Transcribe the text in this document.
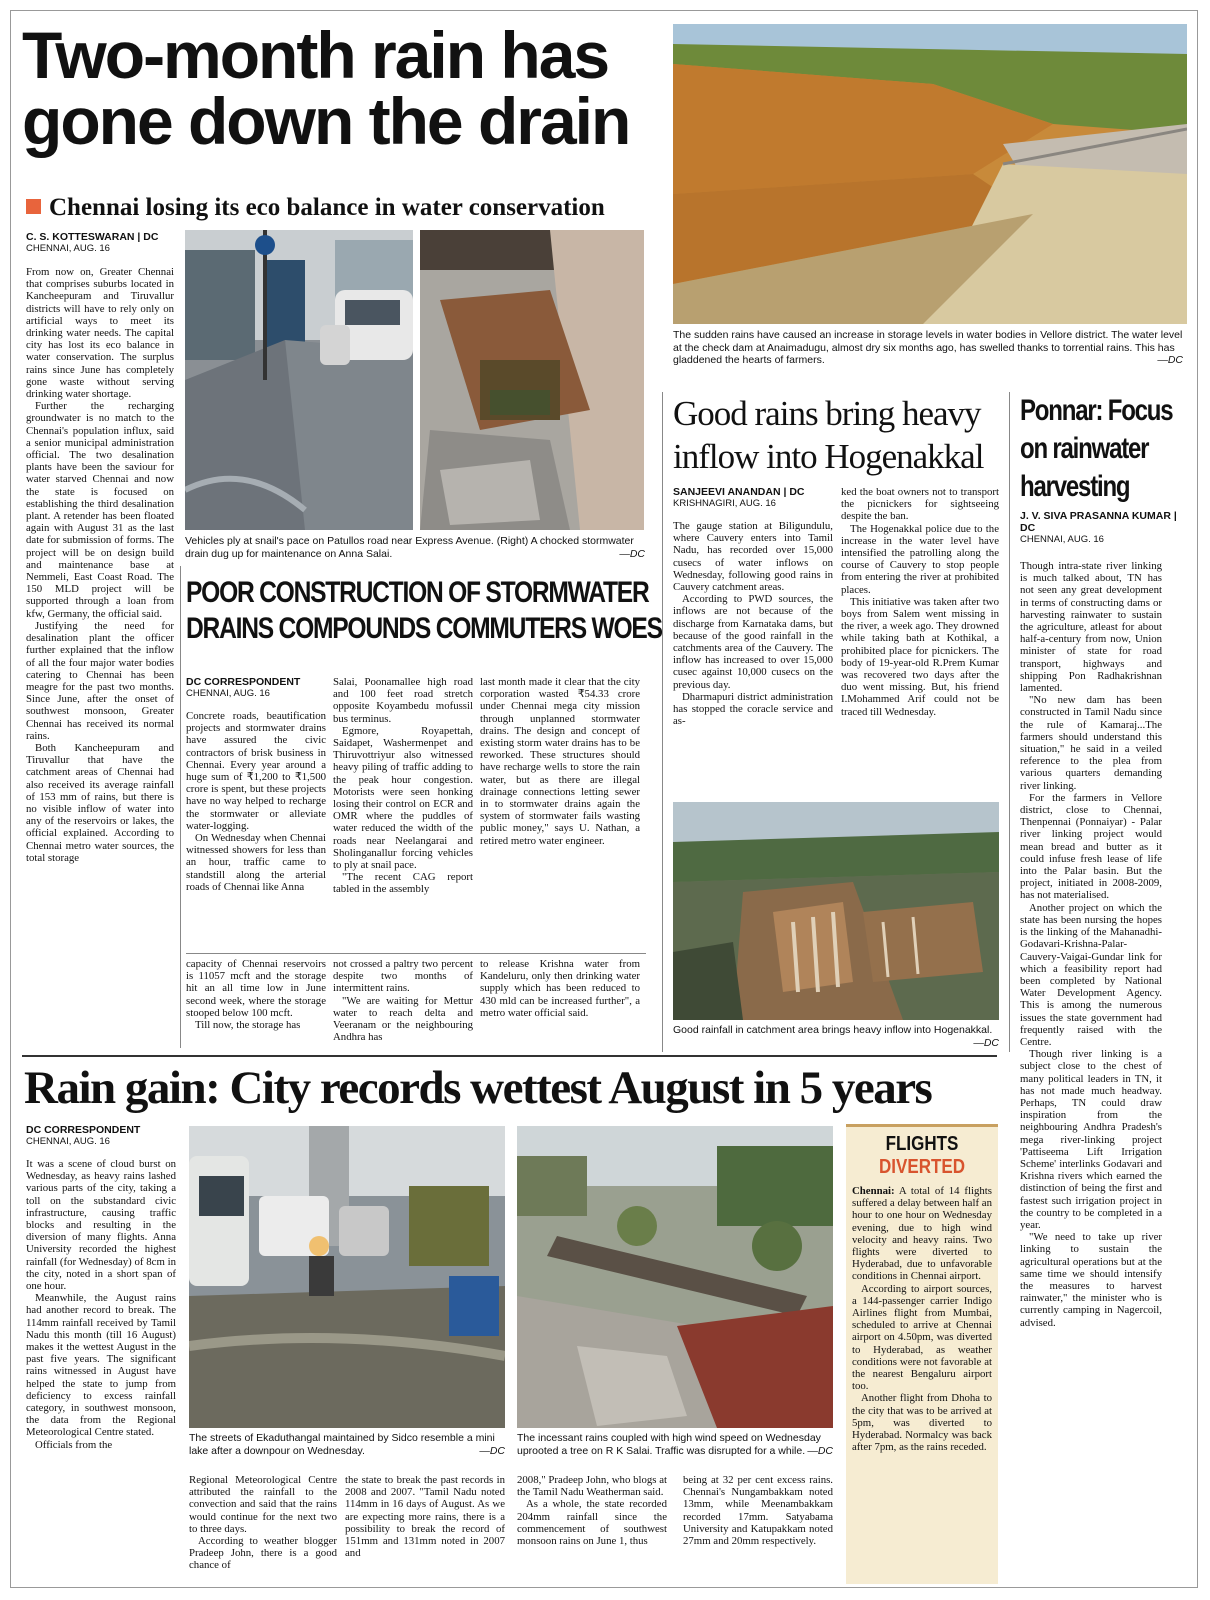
Two-month rain has gone down the drain
Chennai losing its eco balance in water conservation
C. S. KOTTESWARAN | DC
CHENNAI, AUG. 16

From now on, Greater Chennai that comprises suburbs located in Kancheepuram and Tiruvallur districts will have to rely only on artificial ways to meet its drinking water needs. The capital city has lost its eco balance in water conservation. The surplus rains since June has completely gone waste without serving drinking water shortage.

Further the recharging groundwater is no match to the Chennai's population influx, said a senior municipal administration official. The two desalination plants have been the saviour for water starved Chennai and now the state is focused on establishing the third desalination plant. A retender has been floated again with August 31 as the last date for submission of forms. The project will be on design build and maintenance base at Nemmeli, East Coast Road. The 150 MLD project will be supported through a loan from kfw, Germany, the official said.

Justifying the need for desalination plant the officer further explained that the inflow of all the four major water bodies catering to Chennai has been meagre for the past two months. Since June, after the onset of southwest monsoon, Greater Chennai has received its normal rains.

Both Kancheepuram and Tiruvallur that have the catchment areas of Chennai had also received its average rainfall of 153 mm of rains, but there is no visible inflow of water into any of the reservoirs or lakes, the official explained. According to Chennai metro water sources, the total storage

Vehicles ply at snail's pace on Patullos road near Express Avenue. (Right) A chocked stormwater drain dug up for maintenance on Anna Salai.	—DC
POOR CONSTRUCTION OF STORMWATER
DRAINS COMPOUNDS COMMUTERS WOES
DC CORRESPONDENT
CHENNAI, AUG. 16

Concrete roads, beautification projects and stormwater drains have assured the civic contractors of brisk business in Chennai. Every year around a huge sum of ₹1,200 to ₹1,500 crore is spent, but these projects have no way helped to recharge the stormwater or alleviate water-logging.

On Wednesday when Chennai witnessed showers for less than an hour, traffic came to standstill along the arterial roads of Chennai like Anna

Salai, Poonamallee high road and 100 feet road stretch opposite Koyambedu mofussil bus terminus.

Egmore, Royapettah, Saidapet, Washermenpet and Thiruvottriyur also witnessed heavy piling of traffic adding to the peak hour congestion. Motorists were seen honking losing their control on ECR and OMR where the puddles of water reduced the width of the roads near Neelangarai and Sholinganallur forcing vehicles to ply at snail pace.

"The recent CAG report tabled in the assembly

last month made it clear that the city corporation wasted ₹54.33 crore under Chennai mega city mission through unplanned stormwater drains. The design and concept of existing storm water drains has to be reworked. These structures should have recharge wells to store the rain water, but as there are illegal drainage connections letting sewer in to stormwater drains again the system of stormwater fails wasting public money," says U. Nathan, a retired metro water engineer.

capacity of Chennai reservoirs is 11057 mcft and the storage hit an all time low in June second week, where the storage stooped below 100 mcft.

Till now, the storage has

not crossed a paltry two percent despite two months of intermittent rains.

"We are waiting for Mettur water to reach delta and Veeranam or the neighbouring Andhra has

to release Krishna water from Kandeluru, only then drinking water supply which has been reduced to 430 mld can be increased further", a metro water official said.

The sudden rains have caused an increase in storage levels in water bodies in Vellore district. The water level at the check dam at Anaimadugu, almost dry six months ago, has swelled thanks to torrential rains. This has gladdened the hearts of farmers.	—DC
Good rains bring heavy inflow into Hogenakkal
SANJEEVI ANANDAN | DC
KRISHNAGIRI, AUG. 16

The gauge station at Biligundulu, where Cauvery enters into Tamil Nadu, has recorded over 15,000 cusecs of water inflows on Wednesday, following good rains in Cauvery catchment areas.

According to PWD sources, the inflows are not because of the discharge from Karnataka dams, but because of the good rainfall in the catchments area of the Cauvery. The inflow has increased to over 15,000 cusec against 10,000 cusecs on the previous day.

Dharmapuri district administration has stopped the coracle service and as-

ked the boat owners not to transport the picnickers for sightseeing despite the ban.

The Hogenakkal police due to the increase in the water level have intensified the patrolling along the course of Cauvery to stop people from entering the river at prohibited places.

This initiative was taken after two boys from Salem went missing in the river, a week ago. They drowned while taking bath at Kothikal, a prohibited place for picnickers. The body of 19-year-old R.Prem Kumar was recovered two days after the duo went missing. But, his friend I.Mohammed Arif could not be traced till Wednesday.

Good rainfall in catchment area brings heavy inflow into Hogenakkal.
—DC
Ponnar: Focus on rainwater harvesting
J. V. SIVA PRASANNA KUMAR | DC
CHENNAI, AUG. 16

Though intra-state river linking is much talked about, TN has not seen any great development in terms of constructing dams or harvesting rainwater to sustain the agriculture, atleast for about half-a-century from now, Union minister of state for road transport, highways and shipping Pon Radhakrishnan lamented.

"No new dam has been constructed in Tamil Nadu since the rule of Kamaraj...The farmers should understand this situation," he said in a veiled reference to the plea from various quarters demanding river linking.

For the farmers in Vellore district, close to Chennai, Thenpennai (Ponnaiyar) - Palar river linking project would mean bread and butter as it could infuse fresh lease of life into the Palar basin. But the project, initiated in 2008-2009, has not materialised.

Another project on which the state has been nursing the hopes is the linking of the Mahanadhi-Godavari-Krishna-Palar-Cauvery-Vaigai-Gundar link for which a feasibility report had been completed by National Water Development Agency. This is among the numerous issues the state government had frequently raised with the Centre.

Though river linking is a subject close to the chest of many political leaders in TN, it has not made much headway. Perhaps, TN could draw inspiration from the neighbouring Andhra Pradesh's mega river-linking project 'Pattiseema Lift Irrigation Scheme' interlinks Godavari and Krishna rivers which earned the distinction of being the first and fastest such irrigation project in the country to be completed in a year.

"We need to take up river linking to sustain the agricultural operations but at the same time we should intensify the measures to harvest rainwater," the minister who is currently camping in Nagercoil, advised.

Rain gain: City records wettest August in 5 years
DC CORRESPONDENT
CHENNAI, AUG. 16

It was a scene of cloud burst on Wednesday, as heavy rains lashed various parts of the city, taking a toll on the substandard civic infrastructure, causing traffic blocks and resulting in the diversion of many flights. Anna University recorded the highest rainfall (for Wednesday) of 8cm in the city, noted in a short span of one hour.

Meanwhile, the August rains had another record to break. The 114mm rainfall received by Tamil Nadu this month (till 16 August) makes it the wettest August in the past five years. The significant rains witnessed in August have helped the state to jump from deficiency to excess rainfall category, in southwest monsoon, the data from the Regional Meteorological Centre stated.

Officials from the

The streets of Ekaduthangal maintained by Sidco resemble a mini lake after a downpour on Wednesday.	—DC
The incessant rains coupled with high wind speed on Wednesday uprooted a tree on R K Salai. Traffic was disrupted for a while. —DC

Regional Meteorological Centre attributed the rainfall to the convection and said that the rains would continue for the next two to three days.

According to weather blogger Pradeep John, there is a good chance of

the state to break the past records in 2008 and 2007. "Tamil Nadu noted 114mm in 16 days of August. As we are expecting more rains, there is a possibility to break the record of 151mm and 131mm noted in 2007 and

2008," Pradeep John, who blogs at the Tamil Nadu Weatherman said.

As a whole, the state recorded 204mm rainfall since the commencement of southwest monsoon rains on June 1, thus

being at 32 per cent excess rains. Chennai's Nungambakkam noted 13mm, while Meenambakkam recorded 17mm. Satyabama University and Katupakkam noted 27mm and 20mm respectively.

FLIGHTS
DIVERTED

Chennai: A total of 14 flights suffered a delay between half an hour to one hour on Wednesday evening, due to high wind velocity and heavy rains. Two flights were diverted to Hyderabad, due to unfavorable conditions in Chennai airport.

According to airport sources, a 144-passenger carrier Indigo Airlines flight from Mumbai, scheduled to arrive at Chennai airport on 4.50pm, was diverted to Hyderabad, as weather conditions were not favorable at the nearest Bengaluru airport too.

Another flight from Dhoha to the city that was to be arrived at 5pm, was diverted to Hyderabad. Normalcy was back after 7pm, as the rains receded.
